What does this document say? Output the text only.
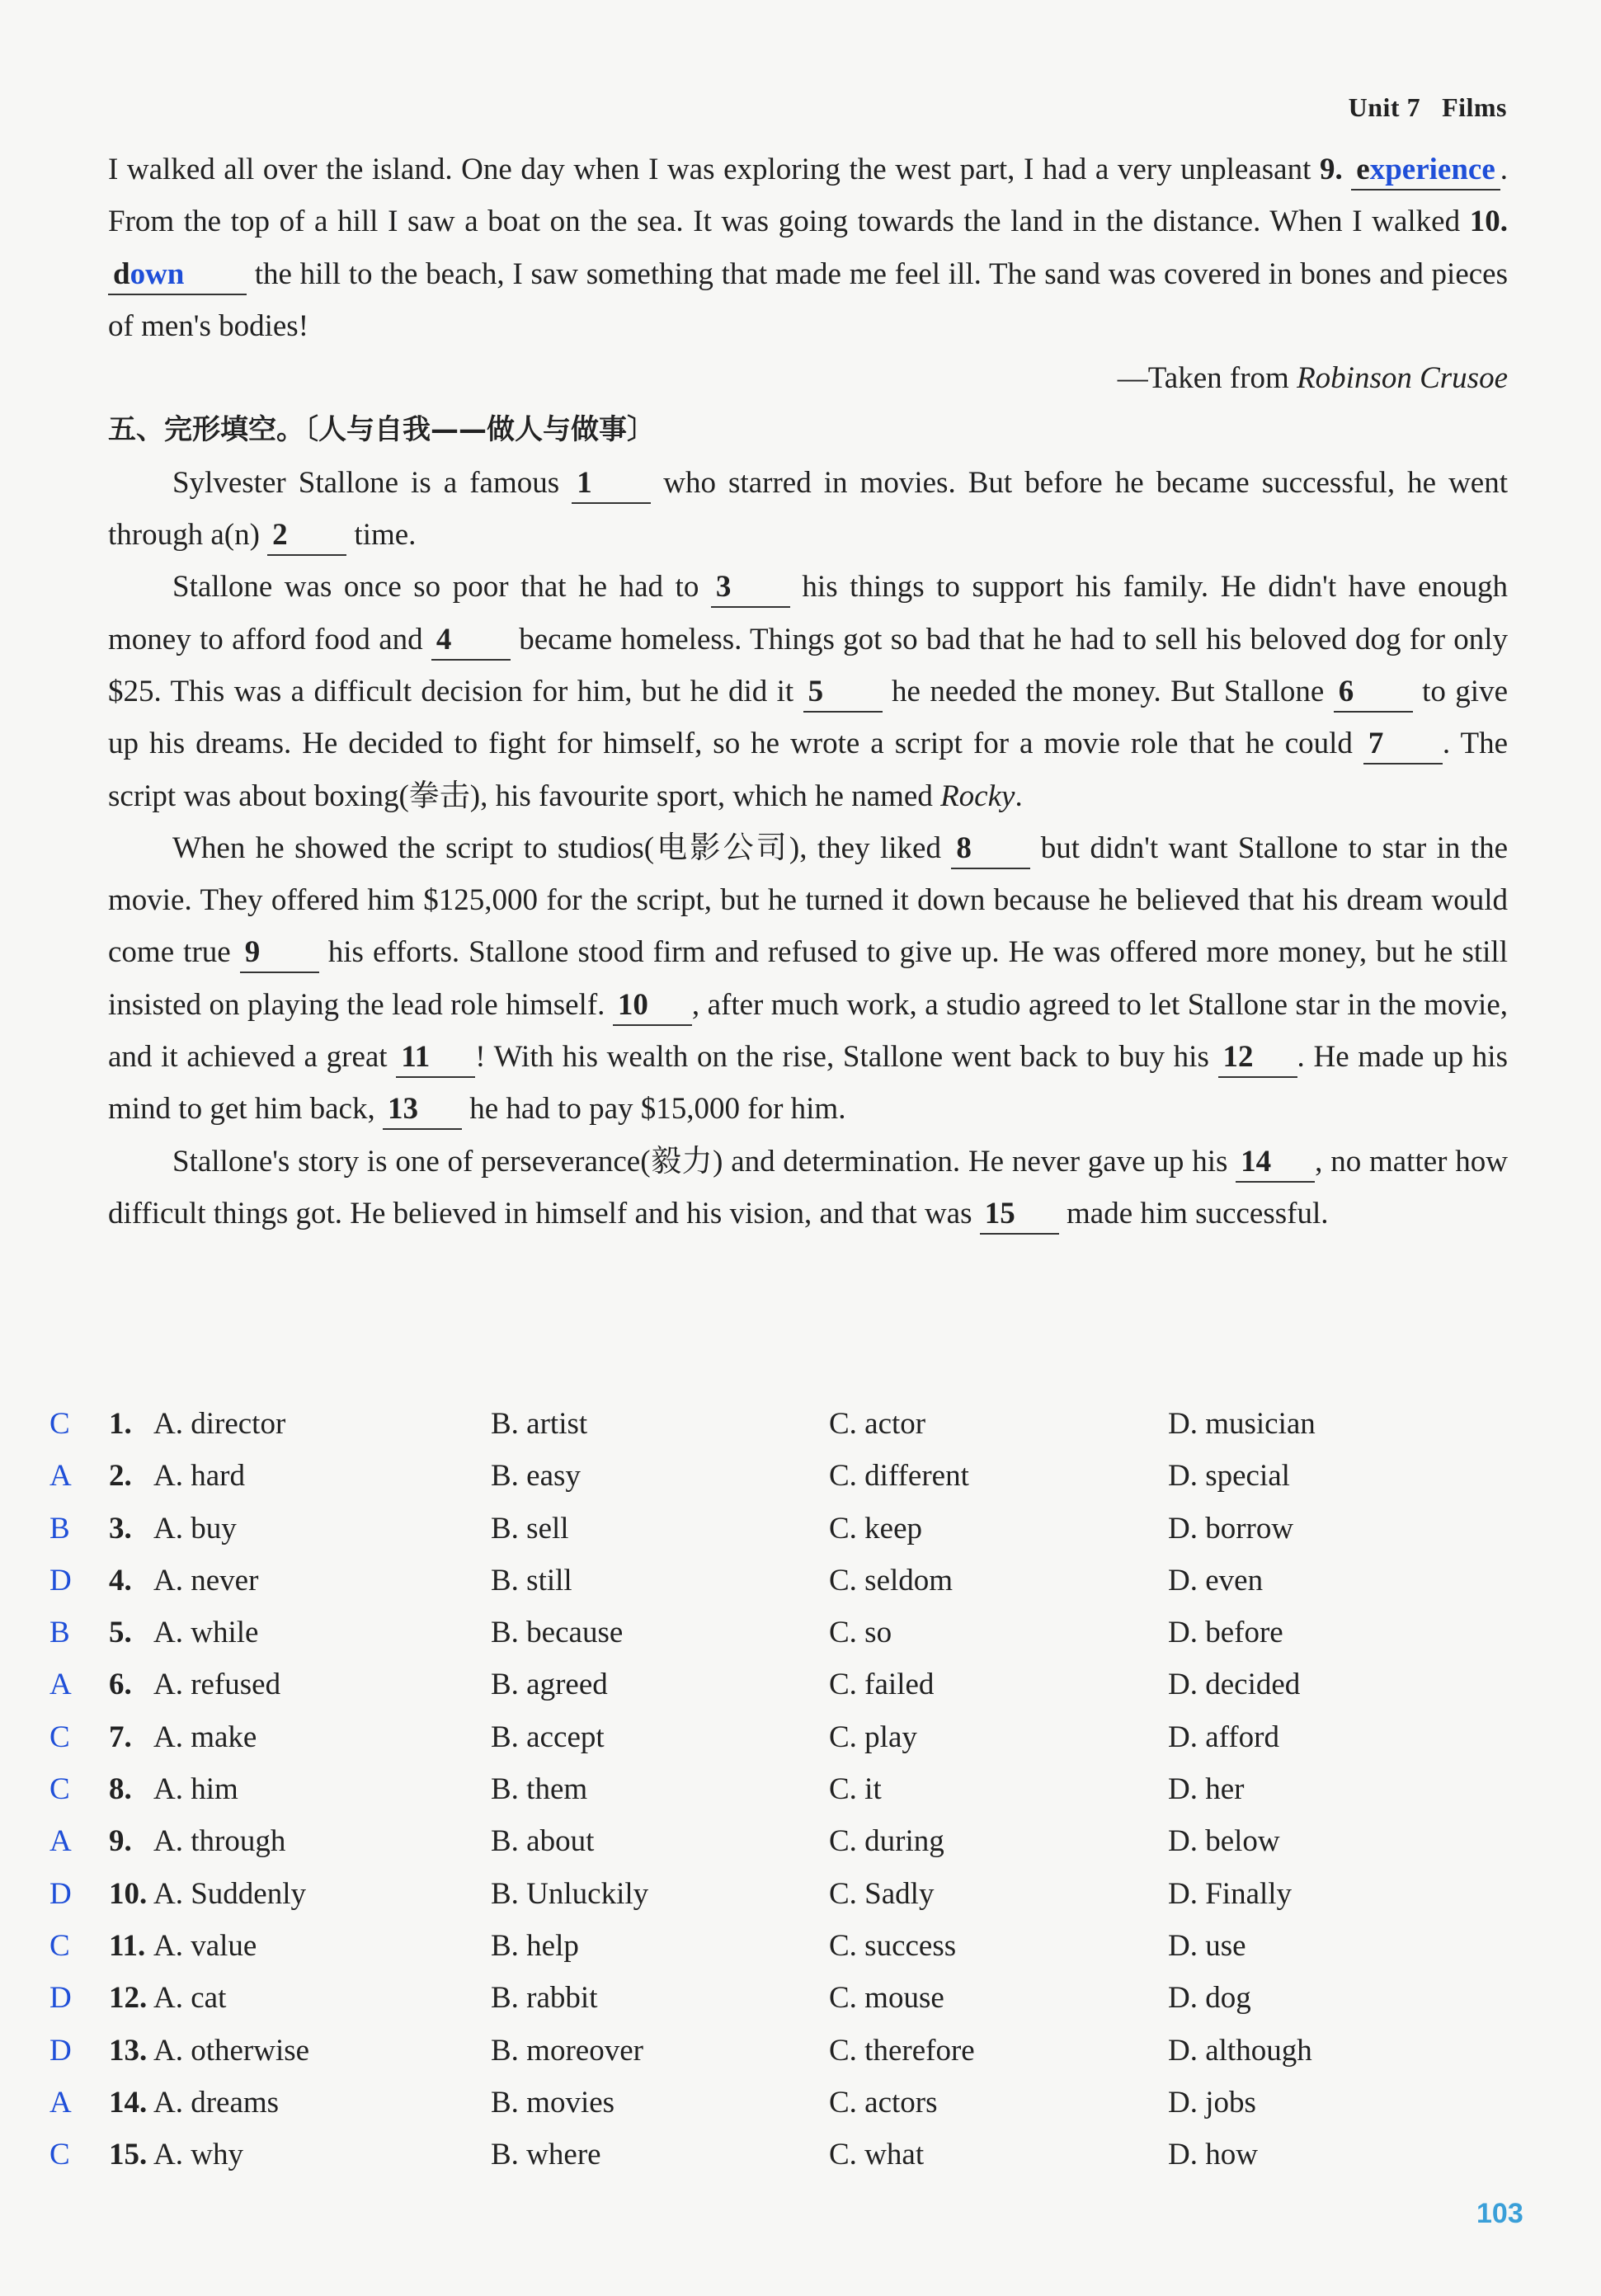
Unit 7 Films

I walked all over the island. One day when I was exploring the west part, I had a very unpleasant 9. experience . From the top of a hill I saw a boat on the sea. It was going towards the land in the distance. When I walked 10. down the hill to the beach, I saw something that made me feel ill. The sand was covered in bones and pieces of men's bodies!

—Taken from Robinson Crusoe

五、完形填空。〔人与自我——做人与做事〕

Sylvester Stallone is a famous 1 who starred in movies. But before he became successful, he went through a(n) 2 time.

Stallone was once so poor that he had to 3 his things to support his family. He didn't have enough money to afford food and 4 became homeless. Things got so bad that he had to sell his beloved dog for only $25. This was a difficult decision for him, but he did it 5 he needed the money. But Stallone 6 to give up his dreams. He decided to fight for himself, so he wrote a script for a movie role that he could 7 . The script was about boxing(拳击), his favourite sport, which he named Rocky.

When he showed the script to studios(电影公司), they liked 8 but didn't want Stallone to star in the movie. They offered him $125,000 for the script, but he turned it down because he believed that his dream would come true 9 his efforts. Stallone stood firm and refused to give up. He was offered more money, but he still insisted on playing the lead role himself. 10 , after much work, a studio agreed to let Stallone star in the movie, and it achieved a great 11 ! With his wealth on the rise, Stallone went back to buy his 12 . He made up his mind to get him back, 13 he had to pay $15,000 for him.

Stallone's story is one of perseverance(毅力) and determination. He never gave up his 14 , no matter how difficult things got. He believed in himself and his vision, and that was 15 made him successful.

C 1. A. director	B. artist	C. actor	D. musician
A 2. A. hard	B. easy	C. different	D. special
B 3. A. buy	B. sell	C. keep	D. borrow
D 4. A. never	B. still	C. seldom	D. even
B 5. A. while	B. because	C. so	D. before
A 6. A. refused	B. agreed	C. failed	D. decided
C 7. A. make	B. accept	C. play	D. afford
C 8. A. him	B. them	C. it	D. her
A 9. A. through	B. about	C. during	D. below
D 10. A. Suddenly	B. Unluckily	C. Sadly	D. Finally
C 11. A. value	B. help	C. success	D. use
D 12. A. cat	B. rabbit	C. mouse	D. dog
D 13. A. otherwise	B. moreover	C. therefore	D. although
A 14. A. dreams	B. movies	C. actors	D. jobs
C 15. A. why	B. where	C. what	D. how
103
